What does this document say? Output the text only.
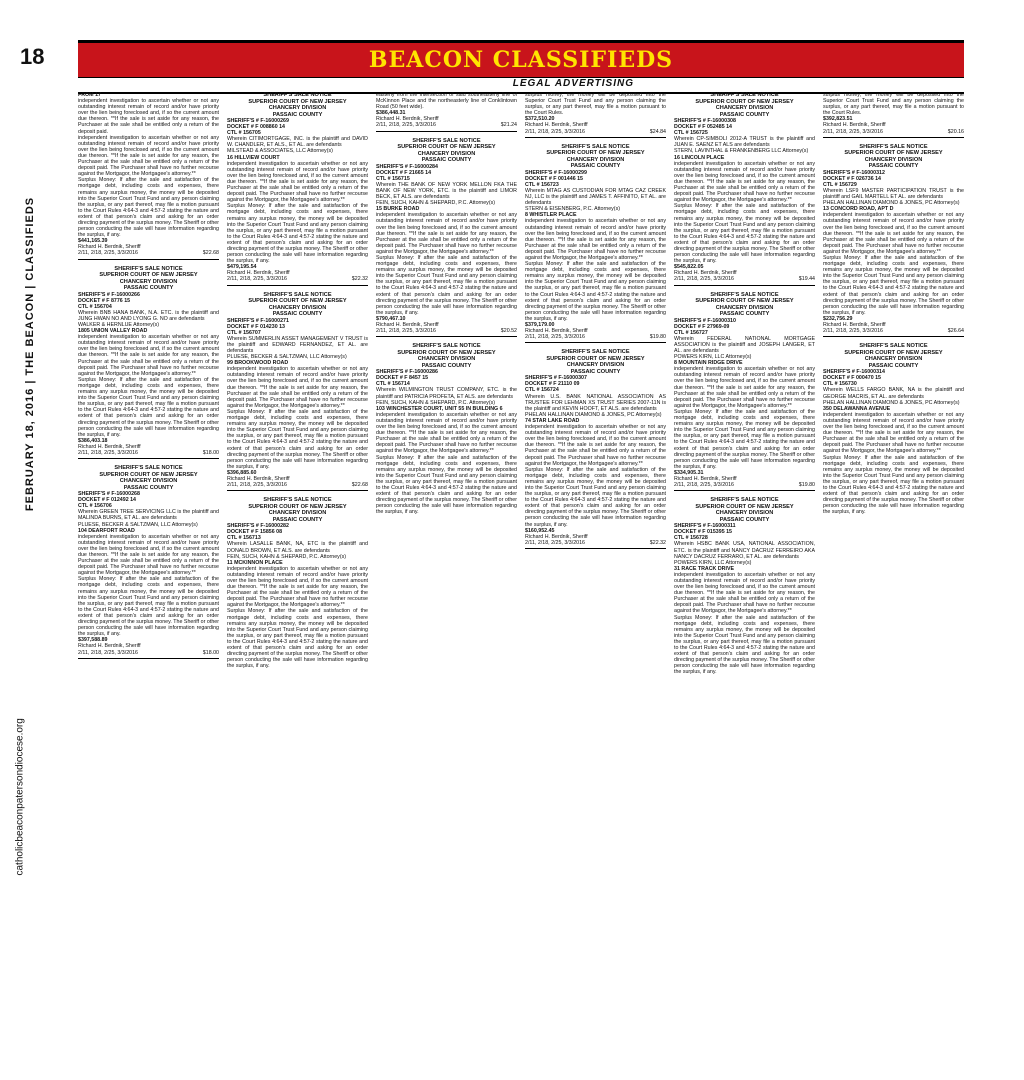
18
FEBRUARY 18, 2016 | THE BEACON | CLASSIFIEDS
catholicbeaconpatersondiocese.org
BEACON CLASSIFIEDS
LEGAL ADVERTISING
FROM 17
independent investigation to ascertain whether or not any outstanding interest remain of record and/or have priority over the lien being foreclosed and, if so the current amount due thereon. **If the sale is set aside for any reason, the Purchaser at the sale shall be entitled only a return of the deposit paid.
independent investigation to ascertain whether or not any outstanding interest remain of record and/or have priority over the lien being foreclosed and, if so the current amount due thereon. **If the sale is set aside for any reason, the Purchaser at the sale shall be entitled only a return of the deposit paid. The Purchaser shall have no further recourse against the Mortgagor, the Mortgagee's attorney.**
Surplus Money: If after the sale and satisfaction of the mortgage debt, including costs and expenses, there remains any surplus money, the money will be deposited into the Superior Court Trust Fund and any person claiming the surplus, or any part thereof, may file a motion pursuant to the Court Rules 4:64-3 and 4:57-2 stating the nature and extent of that person's claim and asking for an order directing payment of the surplus money. The Sheriff or other person conducting the sale will have information regarding the surplus, if any.
$441,165.39
Richard H. Berdnik, Sheriff
2/11, 2/18, 2/25, 3/3/2016	$22.68
SHERIFF'S SALE NOTICE
SUPERIOR COURT OF NEW JERSEY
CHANCERY DIVISION
PASSAIC COUNTY
SHERIFF'S # F-16000266
DOCKET # F 8776 15
CTL # 156704
Wherein BNB HANA BANK, N.A. ETC. is the plaintiff and JUNG HWAN NO AND LYONG G. NO are defendants
WALKER & HERNLUE Attorney(s)
1805 UNION VALLEY ROAD
independent investigation to ascertain whether or not any outstanding interest remain of record and/or have priority over the lien being foreclosed and, if so the current amount due thereon. **If the sale is set aside for any reason, the Purchaser at the sale shall be entitled only a return of the deposit paid. The Purchaser shall have no further recourse against the Mortgagor, the Mortgagee's attorney.**
Surplus Money: If after the sale and satisfaction of the mortgage debt, including costs and expenses, there remains any surplus money, the money will be deposited into the Superior Court Trust Fund and any person claiming the surplus, or any part thereof, may file a motion pursuant to the Court Rules 4:64-3 and 4:57-2 stating the nature and extent of that person's claim and asking for an order directing payment of the surplus money. The Sheriff or other person conducting the sale will have information regarding the surplus, if any.
$386,403.18
Richard H. Berdnik, Sheriff
2/11, 2/18, 2/25, 3/3/2016	$18.00
SHERIFF'S SALE NOTICE
SUPERIOR COURT OF NEW JERSEY
CHANCERY DIVISION
PASSAIC COUNTY
SHERIFF'S # F-16000268
DOCKET # F 012492 14
CTL # 156706
Wherein GREEN TREE SERVICING LLC is the plaintiff and MALINDA BURNS, ET AL. are defendants
PLUESE, BECKER & SALTZMAN, LLC Attorney(s)
104 DEARFORT ROAD
independent investigation to ascertain whether or not any outstanding interest remain of record and/or have priority over the lien being foreclosed and, if so the current amount due thereon. **If the sale is set aside for any reason, the Purchaser at the sale shall be entitled only a return of the deposit paid. The Purchaser shall have no further recourse against the Mortgagor, the Mortgagee's attorney.**
Surplus Money: If after the sale and satisfaction of the mortgage debt, including costs and expenses, there remains any surplus money, the money will be deposited into the Superior Court Trust Fund and any person claiming the surplus, or any part thereof, may file a motion pursuant to the Court Rules 4:64-3 and 4:57-2 stating the nature and extent of that person's claim and asking for an order directing payment of the surplus money. The Sheriff or other person conducting the sale will have information regarding the surplus, if any.
$397,588.89
Richard H. Berdnik, Sheriff
2/11, 2/18, 2/25, 3/3/2016	$18.00
SHERIFF'S SALE NOTICE
SUPERIOR COURT OF NEW JERSEY
CHANCERY DIVISION
PASSAIC COUNTY
SHERIFF'S # F-16000269
DOCKET # F 008860 14
CTL # 156705
Wherein CITIMORTGAGE, INC. is the plaintiff and DAVID W. CHANDLER, ET ALS., ET AL. are defendants
MILSTEAD & ASSOCIATES, LLC Attorney(s)
16 HILLVIEW COURT
independent investigation to ascertain whether or not any outstanding interest remain of record and/or have priority over the lien being foreclosed and, if so the current amount due thereon. **If the sale is set aside for any reason, the Purchaser at the sale shall be entitled only a return of the deposit paid. The Purchaser shall have no further recourse against the Mortgagor, the Mortgagee's attorney.**
Surplus Money: If after the sale and satisfaction of the mortgage debt, including costs and expenses, there remains any surplus money, the money will be deposited into the Superior Court Trust Fund and any person claiming the surplus, or any part thereof, may file a motion pursuant to the Court Rules 4:64-3 and 4:57-2 stating the nature and extent of that person's claim and asking for an order directing payment of the surplus money. The Sheriff or other person conducting the sale will have information regarding the surplus, if any.
$479,195.54
Richard H. Berdnik, Sheriff
2/11, 2/18, 2/25, 3/3/2016	$22.32
SHERIFF'S SALE NOTICE
SUPERIOR COURT OF NEW JERSEY
CHANCERY DIVISION
PASSAIC COUNTY
SHERIFF'S # F-16000271
DOCKET # F 014230 13
CTL # 156707
Wherein SUMMERLIN ASSET MANAGEMENT V TRUST is the plaintiff and EDWARD FERNANDEZ, ET AL. are defendants
PLUESE, BECKER & SALTZMAN, LLC Attorney(s)
99 BROOKWOOD ROAD
independent investigation to ascertain whether or not any outstanding interest remain of record and/or have priority over the lien being foreclosed and, if so the current amount due thereon. **If the sale is set aside for any reason, the Purchaser at the sale shall be entitled only a return of the deposit paid. The Purchaser shall have no further recourse against the Mortgagor, the Mortgagee's attorney.**
Surplus Money: If after the sale and satisfaction of the mortgage debt, including costs and expenses, there remains any surplus money, the money will be deposited into the Superior Court Trust Fund and any person claiming the surplus, or any part thereof, may file a motion pursuant to the Court Rules 4:64-3 and 4:57-2 stating the nature and extent of that person's claim and asking for an order directing payment of the surplus money. The Sheriff or other person conducting the sale will have information regarding the surplus, if any.
$396,885.60
Richard H. Berdnik, Sheriff
2/11, 2/18, 2/25, 3/3/2016	$22.68
SHERIFF'S SALE NOTICE
SUPERIOR COURT OF NEW JERSEY
CHANCERY DIVISION
PASSAIC COUNTY
SHERIFF'S # F-16000282
DOCKET # F 15856 08
CTL # 156713
Wherein LASALLE BANK, NA, ETC is the plaintiff and DONALD BROWN, ET ALS. are defendants
FEIN, SUCH, KAHN & SHEPARD, P.C. Attorney(s)
11 MCKINNON PLACE
independent investigation to ascertain whether or not any outstanding interest remain of record and/or have priority over the lien being foreclosed and, if so the current amount due thereon. **If the sale is set aside for any reason, the Purchaser at the sale shall be entitled only a return of the deposit paid. The Purchaser shall have no further recourse against the Mortgagor, the Mortgagee's attorney.**
Surplus Money: If after the sale and satisfaction of the mortgage debt, including costs and expenses, there remains any surplus money, the money will be deposited into the Superior Court Trust Fund and any person claiming the surplus, or any part thereof, may file a motion pursuant to the Court Rules 4:64-3 and 4:57-2 stating the nature and extent of that person's claim and asking for an order directing payment of the surplus money. The Sheriff or other person conducting the sale will have information regarding the surplus, if any.
easterly from the intersection of said southeasterly line of McKinnon Place and the northeasterly line of Conklintown Road (50 feet wide).
$386,448.31
Richard H. Berdnik, Sheriff
2/11, 2/18, 2/25, 3/3/2016	$21.24
SHERIFF'S SALE NOTICE
SUPERIOR COURT OF NEW JERSEY
CHANCERY DIVISION
PASSAIC COUNTY
SHERIFF'S # F-16000284
DOCKET # F 21665 14
CTL # 156715
Wherein THE BANK OF NEW YORK MELLON FKA THE BANK OF NEW YORK, ETC. is the plaintiff and LIMOR BECK, ET ALS. are defendants
FEIN, SUCH, KAHN & SHEPARD, P.C. Attorney(s)
15 BURKE ROAD
independent investigation to ascertain whether or not any outstanding interest remain of record and/or have priority over the lien being foreclosed and, if so the current amount due thereon. **If the sale is set aside for any reason, the Purchaser at the sale shall be entitled only a return of the deposit paid. The Purchaser shall have no further recourse against the Mortgagor, the Mortgagee's attorney.**
Surplus Money: If after the sale and satisfaction of the mortgage debt, including costs and expenses, there remains any surplus money, the money will be deposited into the Superior Court Trust Fund and any person claiming the surplus, or any part thereof, may file a motion pursuant to the Court Rules 4:64-3 and 4:57-2 stating the nature and extent of that person's claim and asking for an order directing payment of the surplus money. The Sheriff or other person conducting the sale will have information regarding the surplus, if any.
$790,467.10
Richard H. Berdnik, Sheriff
2/11, 2/18, 2/25, 3/3/2016	$20.52
SHERIFF'S SALE NOTICE
SUPERIOR COURT OF NEW JERSEY
CHANCERY DIVISION
PASSAIC COUNTY
SHERIFF'S # F-16000286
DOCKET # F 8457 15
CTL # 156714
Wherein WILMINGTON TRUST COMPANY, ETC. is the plaintiff and PATRICIA PROFETA, ET ALS. are defendants
FEIN, SUCH, KAHN & SHEPARD, P.C. Attorney(s)
103 WINCHESTER COURT, UNIT 55 IN BUILDING 6
independent investigation to ascertain whether or not any outstanding interest remain of record and/or have priority over the lien being foreclosed and, if so the current amount due thereon. **If the sale is set aside for any reason, the Purchaser at the sale shall be entitled only a return of the deposit paid. The Purchaser shall have no further recourse against the Mortgagor, the Mortgagee's attorney.**
Surplus Money: If after the sale and satisfaction of the mortgage debt, including costs and expenses, there remains any surplus money, the money will be deposited into the Superior Court Trust Fund and any person claiming the surplus, or any part thereof, may file a motion pursuant to the Court Rules 4:64-3 and 4:57-2 stating the nature and extent of that person's claim and asking for an order directing payment of the surplus money. The Sheriff or other person conducting the sale will have information regarding the surplus, if any.
surplus money, the money will be deposited into the Superior Court Trust Fund and any person claiming the surplus, or any part thereof, may file a motion pursuant to the Court Rules.
$372,510.20
Richard H. Berdnik, Sheriff
2/11, 2/18, 2/25, 3/3/2016	$24.84
SHERIFF'S SALE NOTICE
SUPERIOR COURT OF NEW JERSEY
CHANCERY DIVISION
PASSAIC COUNTY
SHERIFF'S # F-16000299
DOCKET # F 001446 15
CTL # 156723
Wherein MTAG AS CUSTODIAN FOR MTAG CAZ CREEK NJ, LLC is the plaintiff and JAMES T. AFFINITO, ET AL. are defendants
STERN & EISENBERG, P.C. Attorney(s)
8 WHISTLER PLACE
independent investigation to ascertain whether or not any outstanding interest remain of record and/or have priority over the lien being foreclosed and, if so the current amount due thereon. **If the sale is set aside for any reason, the Purchaser at the sale shall be entitled only a return of the deposit paid. The Purchaser shall have no further recourse against the Mortgagor, the Mortgagee's attorney.**
Surplus Money: If after the sale and satisfaction of the mortgage debt, including costs and expenses, there remains any surplus money, the money will be deposited into the Superior Court Trust Fund and any person claiming the surplus, or any part thereof, may file a motion pursuant to the Court Rules 4:64-3 and 4:57-2 stating the nature and extent of that person's claim and asking for an order directing payment of the surplus money. The Sheriff or other person conducting the sale will have information regarding the surplus, if any.
$379,179.00
Richard H. Berdnik, Sheriff
2/11, 2/18, 2/25, 3/3/2016	$19.80
SHERIFF'S SALE NOTICE
SUPERIOR COURT OF NEW JERSEY
CHANCERY DIVISION
PASSAIC COUNTY
SHERIFF'S # F-16000307
DOCKET # F 21110 09
CTL # 156724
Wherein U.S. BANK NATIONAL ASSOCIATION AS TRUSTEE FOR LEHMAN XS TRUST SERIES 2007-11N is the plaintiff and KEVIN HOOFT, ET ALS. are defendants
PHELAN HALLINAN DIAMOND & JONES, PC Attorney(s)
74 STAR LAKE ROAD
independent investigation to ascertain whether or not any outstanding interest remain of record and/or have priority over the lien being foreclosed and, if so the current amount due thereon. **If the sale is set aside for any reason, the Purchaser at the sale shall be entitled only a return of the deposit paid. The Purchaser shall have no further recourse against the Mortgagor, the Mortgagee's attorney.**
Surplus Money: If after the sale and satisfaction of the mortgage debt, including costs and expenses, there remains any surplus money, the money will be deposited into the Superior Court Trust Fund and any person claiming the surplus, or any part thereof, may file a motion pursuant to the Court Rules 4:64-3 and 4:57-2 stating the nature and extent of that person's claim and asking for an order directing payment of the surplus money. The Sheriff or other person conducting the sale will have information regarding the surplus, if any.
$160,952.45
Richard H. Berdnik, Sheriff
2/11, 2/18, 2/25, 3/3/2016	$22.32
SHERIFF'S SALE NOTICE
SUPERIOR COURT OF NEW JERSEY
CHANCERY DIVISION
PASSAIC COUNTY
SHERIFF'S # F-16000308
DOCKET # F 052485 14
CTL # 156725
Wherein CP-SIMBOLI 2012-A TRUST is the plaintiff and JUAN E. SAENZ ET ALS are defendants
STERN, LAVINTHAL & FRANKENBERG LLC Attorney(s)
16 LINCOLN PLACE
independent investigation to ascertain whether or not any outstanding interest remain of record and/or have priority over the lien being foreclosed and, if so the current amount due thereon. **If the sale is set aside for any reason, the Purchaser at the sale shall be entitled only a return of the deposit paid. The Purchaser shall have no further recourse against the Mortgagor, the Mortgagee's attorney.**
Surplus Money: If after the sale and satisfaction of the mortgage debt, including costs and expenses, there remains any surplus money, the money will be deposited into the Superior Court Trust Fund and any person claiming the surplus, or any part thereof, may file a motion pursuant to the Court Rules 4:64-3 and 4:57-2 stating the nature and extent of that person's claim and asking for an order directing payment of the surplus money. The Sheriff or other person conducting the sale will have information regarding the surplus, if any.
$545,822.05
Richard H. Berdnik, Sheriff
2/11, 2/18, 2/25, 3/3/2016	$19.44
SHERIFF'S SALE NOTICE
SUPERIOR COURT OF NEW JERSEY
CHANCERY DIVISION
PASSAIC COUNTY
SHERIFF'S # F-16000310
DOCKET # F 27969-09
CTL # 156727
Wherein FEDERAL NATIONAL MORTGAGE ASSOCIATION is the plaintiff and JOSEPH LANGER, ET AL. are defendants
POWERS KIRN, LLC Attorney(s)
8 MOUNTAIN RIDGE DRIVE
independent investigation to ascertain whether or not any outstanding interest remain of record and/or have priority over the lien being foreclosed and, if so the current amount due thereon. **If the sale is set aside for any reason, the Purchaser at the sale shall be entitled only a return of the deposit paid. The Purchaser shall have no further recourse against the Mortgagor, the Mortgagee's attorney.**
Surplus Money: If after the sale and satisfaction of the mortgage debt, including costs and expenses, there remains any surplus money, the money will be deposited into the Superior Court Trust Fund and any person claiming the surplus, or any part thereof, may file a motion pursuant to the Court Rules 4:64-3 and 4:57-2 stating the nature and extent of that person's claim and asking for an order directing payment of the surplus money. The Sheriff or other person conducting the sale will have information regarding the surplus, if any.
$334,905.31
Richard H. Berdnik, Sheriff
2/11, 2/18, 2/25, 3/3/2016	$19.80
SHERIFF'S SALE NOTICE
SUPERIOR COURT OF NEW JERSEY
CHANCERY DIVISION
PASSAIC COUNTY
SHERIFF'S # F-16000311
DOCKET # F 015395 15
CTL # 156728
Wherein HSBC BANK USA, NATIONAL ASSOCIATION, ETC. is the plaintiff and NANCY DACRUZ FERREIRO AKA NANCY DACRUZ FERRARO, ET AL. are defendants
POWERS KIRN, LLC Attorney(s)
31 RACE TRACK DRIVE
independent investigation to ascertain whether or not any outstanding interest remain of record and/or have priority over the lien being foreclosed and, if so the current amount due thereon. **If the sale is set aside for any reason, the Purchaser at the sale shall be entitled only a return of the deposit paid. The Purchaser shall have no further recourse against the Mortgagor, the Mortgagee's attorney.**
Surplus Money: If after the sale and satisfaction of the mortgage debt, including costs and expenses, there remains any surplus money, the money will be deposited into the Superior Court Trust Fund and any person claiming the surplus, or any part thereof, may file a motion pursuant to the Court Rules 4:64-3 and 4:57-2 stating the nature and extent of that person's claim and asking for an order directing payment of the surplus money. The Sheriff or other person conducting the sale will have information regarding the surplus, if any.
surplus money, the money will be deposited into the Superior Court Trust Fund and any person claiming the surplus, or any part thereof, may file a motion pursuant to the Court Rules.
$392,823.51
Richard H. Berdnik, Sheriff
2/11, 2/18, 2/25, 3/3/2016	$20.16
SHERIFF'S SALE NOTICE
SUPERIOR COURT OF NEW JERSEY
CHANCERY DIVISION
PASSAIC COUNTY
SHERIFF'S # F-16000312
DOCKET # F 026736 14
CTL # 156729
Wherein LSF9 MASTER PARTICIPATION TRUST is the plaintiff and GAIL MARTELL ET AL. are defendants
PHELAN HALLINAN DIAMOND & JONES, PC Attorney(s)
13 CONCORD ROAD, APT D
independent investigation to ascertain whether or not any outstanding interest remain of record and/or have priority over the lien being foreclosed and, if so the current amount due thereon. **If the sale is set aside for any reason, the Purchaser at the sale shall be entitled only a return of the deposit paid. The Purchaser shall have no further recourse against the Mortgagor, the Mortgagee's attorney.**
Surplus Money: If after the sale and satisfaction of the mortgage debt, including costs and expenses, there remains any surplus money, the money will be deposited into the Superior Court Trust Fund and any person claiming the surplus, or any part thereof, may file a motion pursuant to the Court Rules 4:64-3 and 4:57-2 stating the nature and extent of that person's claim and asking for an order directing payment of the surplus money. The Sheriff or other person conducting the sale will have information regarding the surplus, if any.
$232,756.29
Richard H. Berdnik, Sheriff
2/11, 2/18, 2/25, 3/3/2016	$26.64
SHERIFF'S SALE NOTICE
SUPERIOR COURT OF NEW JERSEY
CHANCERY DIVISION
PASSAIC COUNTY
SHERIFF'S # F-16000314
DOCKET # F 000470 15
CTL # 156730
Wherein WELLS FARGO BANK, NA is the plaintiff and GEORGE MACRIS, ET AL. are defendants
PHELAN HALLINAN DIAMOND & JONES, PC Attorney(s)
350 DELAWANNA AVENUE
independent investigation to ascertain whether or not any outstanding interest remain of record and/or have priority over the lien being foreclosed and, if so the current amount due thereon. **If the sale is set aside for any reason, the Purchaser at the sale shall be entitled only a return of the deposit paid. The Purchaser shall have no further recourse against the Mortgagor, the Mortgagee's attorney.**
Surplus Money: If after the sale and satisfaction of the mortgage debt, including costs and expenses, there remains any surplus money, the money will be deposited into the Superior Court Trust Fund and any person claiming the surplus, or any part thereof, may file a motion pursuant to the Court Rules 4:64-3 and 4:57-2 stating the nature and extent of that person's claim and asking for an order directing payment of the surplus money. The Sheriff or other person conducting the sale will have information regarding the surplus, if any.
